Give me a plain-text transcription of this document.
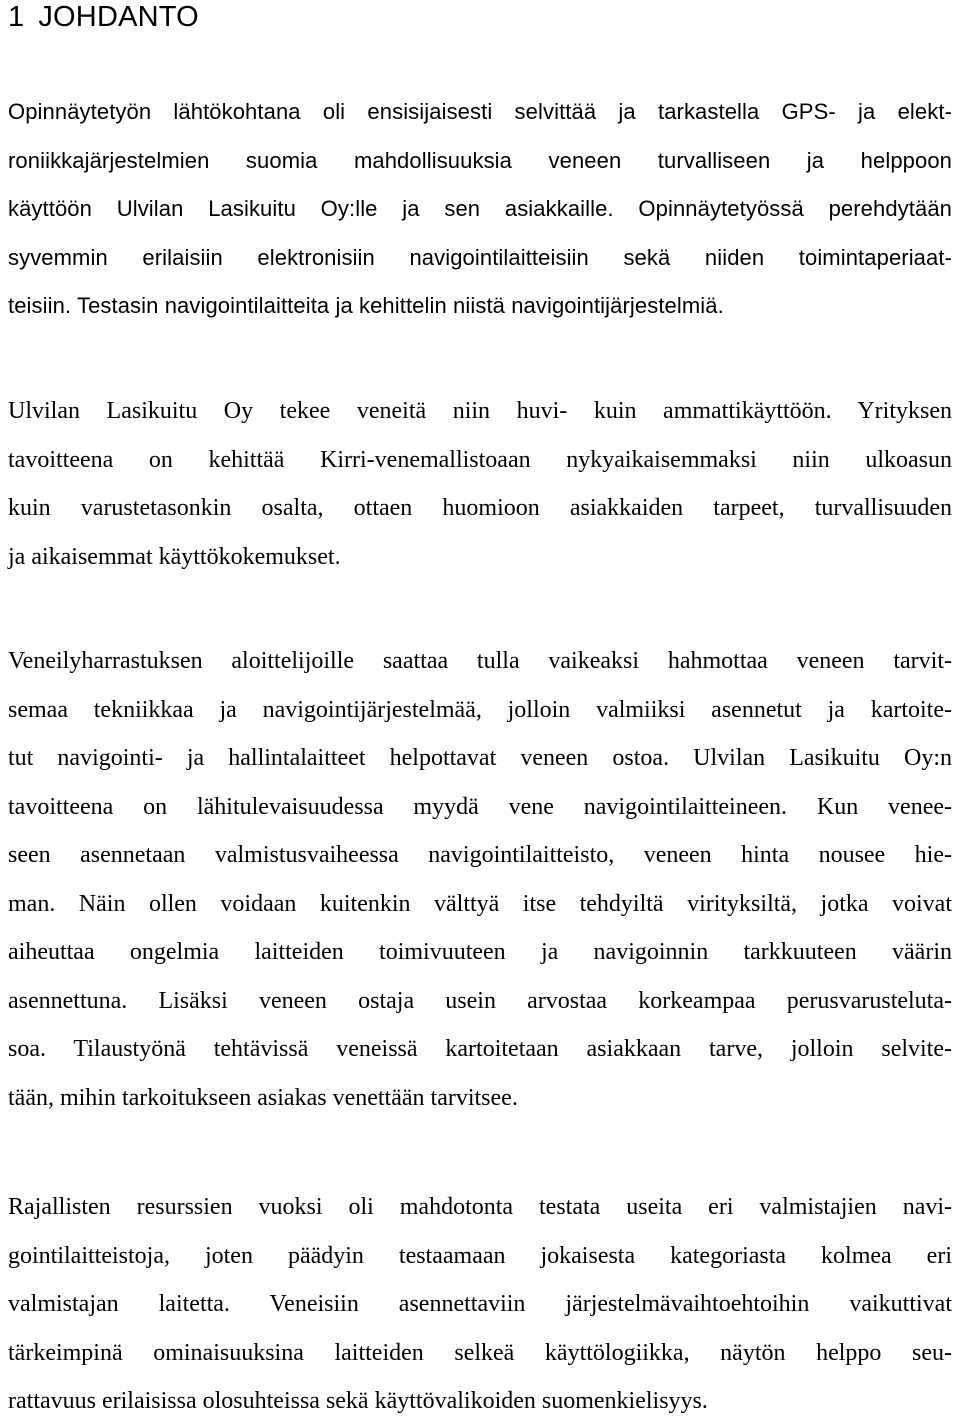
1 JOHDANTO
Opinnäytetyön lähtökohtana oli ensisijaisesti selvittää ja tarkastella GPS- ja elekt-
roniikkajärjestelmien suomia mahdollisuuksia veneen turvalliseen ja helppoon
käyttöön Ulvilan Lasikuitu Oy:lle ja sen asiakkaille. Opinnäytetyössä perehdytään
syvemmin erilaisiin elektronisiin navigointilaitteisiin sekä niiden toimintaperiaat-
teisiin. Testasin navigointilaitteita ja kehittelin niistä navigointijärjestelmiä.
Ulvilan Lasikuitu Oy tekee veneitä niin huvi- kuin ammattikäyttöön. Yrityksen
tavoitteena on kehittää Kirri-venemallistoaan nykyaikaisemmaksi niin ulkoasun
kuin varustetasonkin osalta, ottaen huomioon asiakkaiden tarpeet, turvallisuuden
ja aikaisemmat käyttökokemukset.
Veneilyharrastuksen aloittelijoille saattaa tulla vaikeaksi hahmottaa veneen tarvit-
semaa tekniikkaa ja navigointijärjestelmää, jolloin valmiiksi asennetut ja kartoite-
tut navigointi- ja hallintalaitteet helpottavat veneen ostoa. Ulvilan Lasikuitu Oy:n
tavoitteena on lähitulevaisuudessa myydä vene navigointilaitteineen. Kun venee-
seen asennetaan valmistusvaiheessa navigointilaitteisto, veneen hinta nousee hie-
man. Näin ollen voidaan kuitenkin välttyä itse tehdyiltä virityksiltä, jotka voivat
aiheuttaa ongelmia laitteiden toimivuuteen ja navigoinnin tarkkuuteen väärin
asennettuna. Lisäksi veneen ostaja usein arvostaa korkeampaa perusvarusteluta-
soa. Tilaustyönä tehtävissä veneissä kartoitetaan asiakkaan tarve, jolloin selvite-
tään, mihin tarkoitukseen asiakas venettään tarvitsee.
Rajallisten resurssien vuoksi oli mahdotonta testata useita eri valmistajien navi-
gointilaitteistoja, joten päädyin testaamaan jokaisesta kategoriasta kolmea eri
valmistajan laitetta. Veneisiin asennettaviin järjestelmävaihtoehtoihin vaikuttivat
tärkeimpinä ominaisuuksina laitteiden selkeä käyttölogiikka, näytön helppo seu-
rattavuus erilaisissa olosuhteissa sekä käyttövalikoiden suomenkielisyys.
